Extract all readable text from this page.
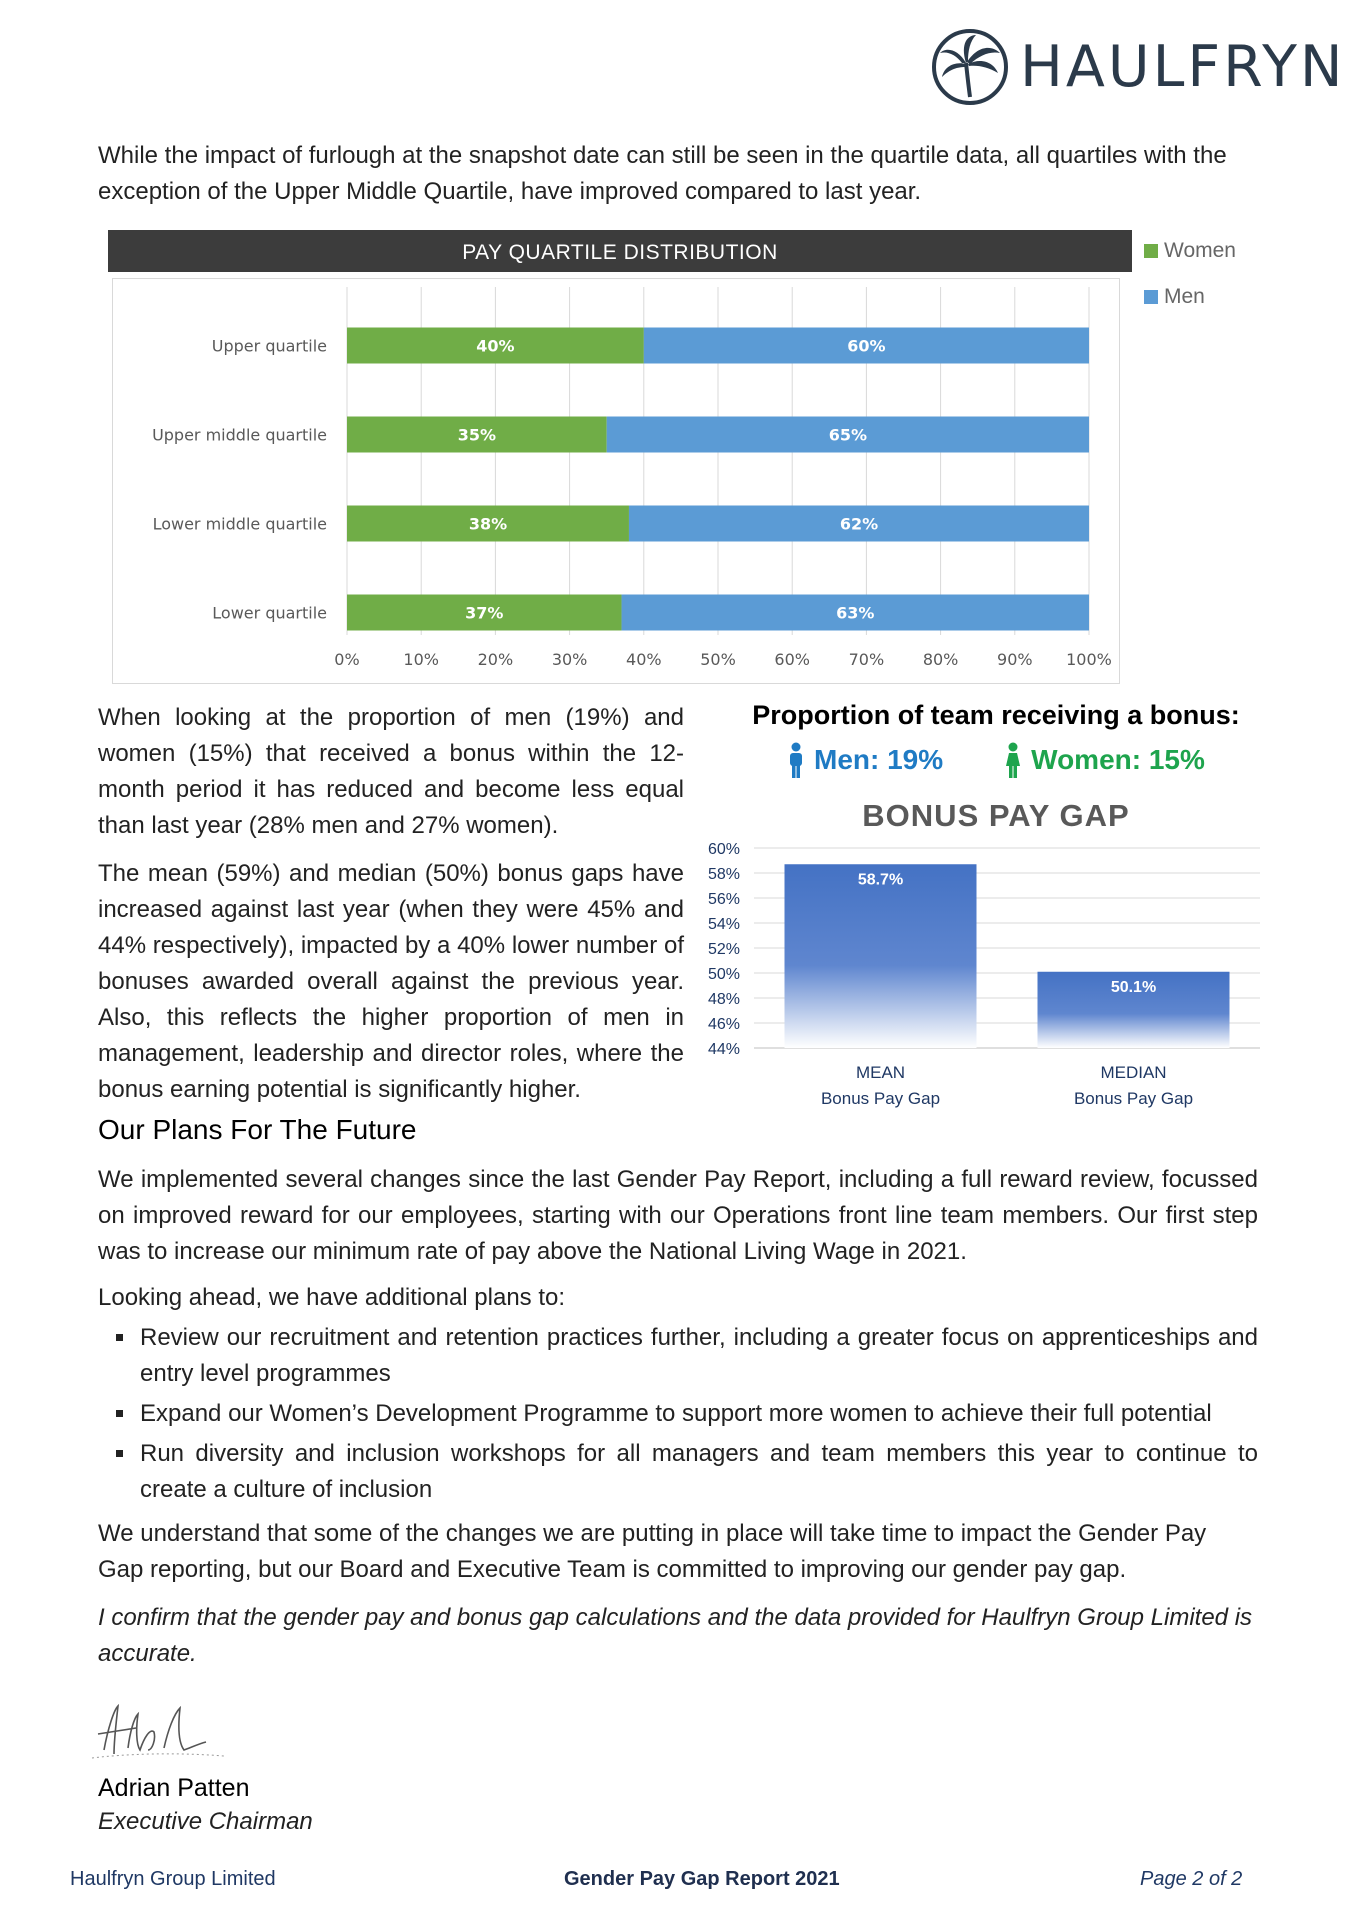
HAULFRYN

While the impact of furlough at the snapshot date can still be seen in the quartile data, all quartiles with the exception of the Upper Middle Quartile, have improved compared to last year.

PAY QUARTILE DISTRIBUTION	Women
Men
0%	10% 20% 30% 40% 50% 60% 70% 80% 90% 100%
Upper quartile	40%	60%
Upper middle quartile	35%	65%
Lower middle quartile	38%	62%
Lower quartile	37%	63%

When looking at the proportion of men (19%) and women (15%) that received a bonus within the 12-month period it has reduced and become less equal than last year (28% men and 27% women).

The mean (59%) and median (50%) bonus gaps have increased against last year (when they were 45% and 44% respectively), impacted by a 40% lower number of bonuses awarded overall against the previous year. Also, this reflects the higher proportion of men in management, leadership and director roles, where the bonus earning potential is significantly higher.

Proportion of team receiving a bonus:
Men: 19%	Women: 15%
BONUS PAY GAP
44%
46%
48%
50%
52%
54%
56%
58%
60%
58.7%
MEAN
Bonus Pay Gap
50.1%
MEDIAN
Bonus Pay Gap
Our Plans For The Future

We implemented several changes since the last Gender Pay Report, including a full reward review, focussed on improved reward for our employees, starting with our Operations front line team members. Our first step was to increase our minimum rate of pay above the National Living Wage in 2021.

Looking ahead, we have additional plans to:

Review our recruitment and retention practices further, including a greater focus on apprenticeships and entry level programmes
Expand our Women’s Development Programme to support more women to achieve their full potential
Run diversity and inclusion workshops for all managers and team members this year to continue to create a culture of inclusion

We understand that some of the changes we are putting in place will take time to impact the Gender Pay Gap reporting, but our Board and Executive Team is committed to improving our gender pay gap.

I confirm that the gender pay and bonus gap calculations and the data provided for Haulfryn Group Limited is accurate.

Adrian Patten
Executive Chairman
Haulfryn Group Limited	Gender Pay Gap Report 2021	Page 2 of 2
